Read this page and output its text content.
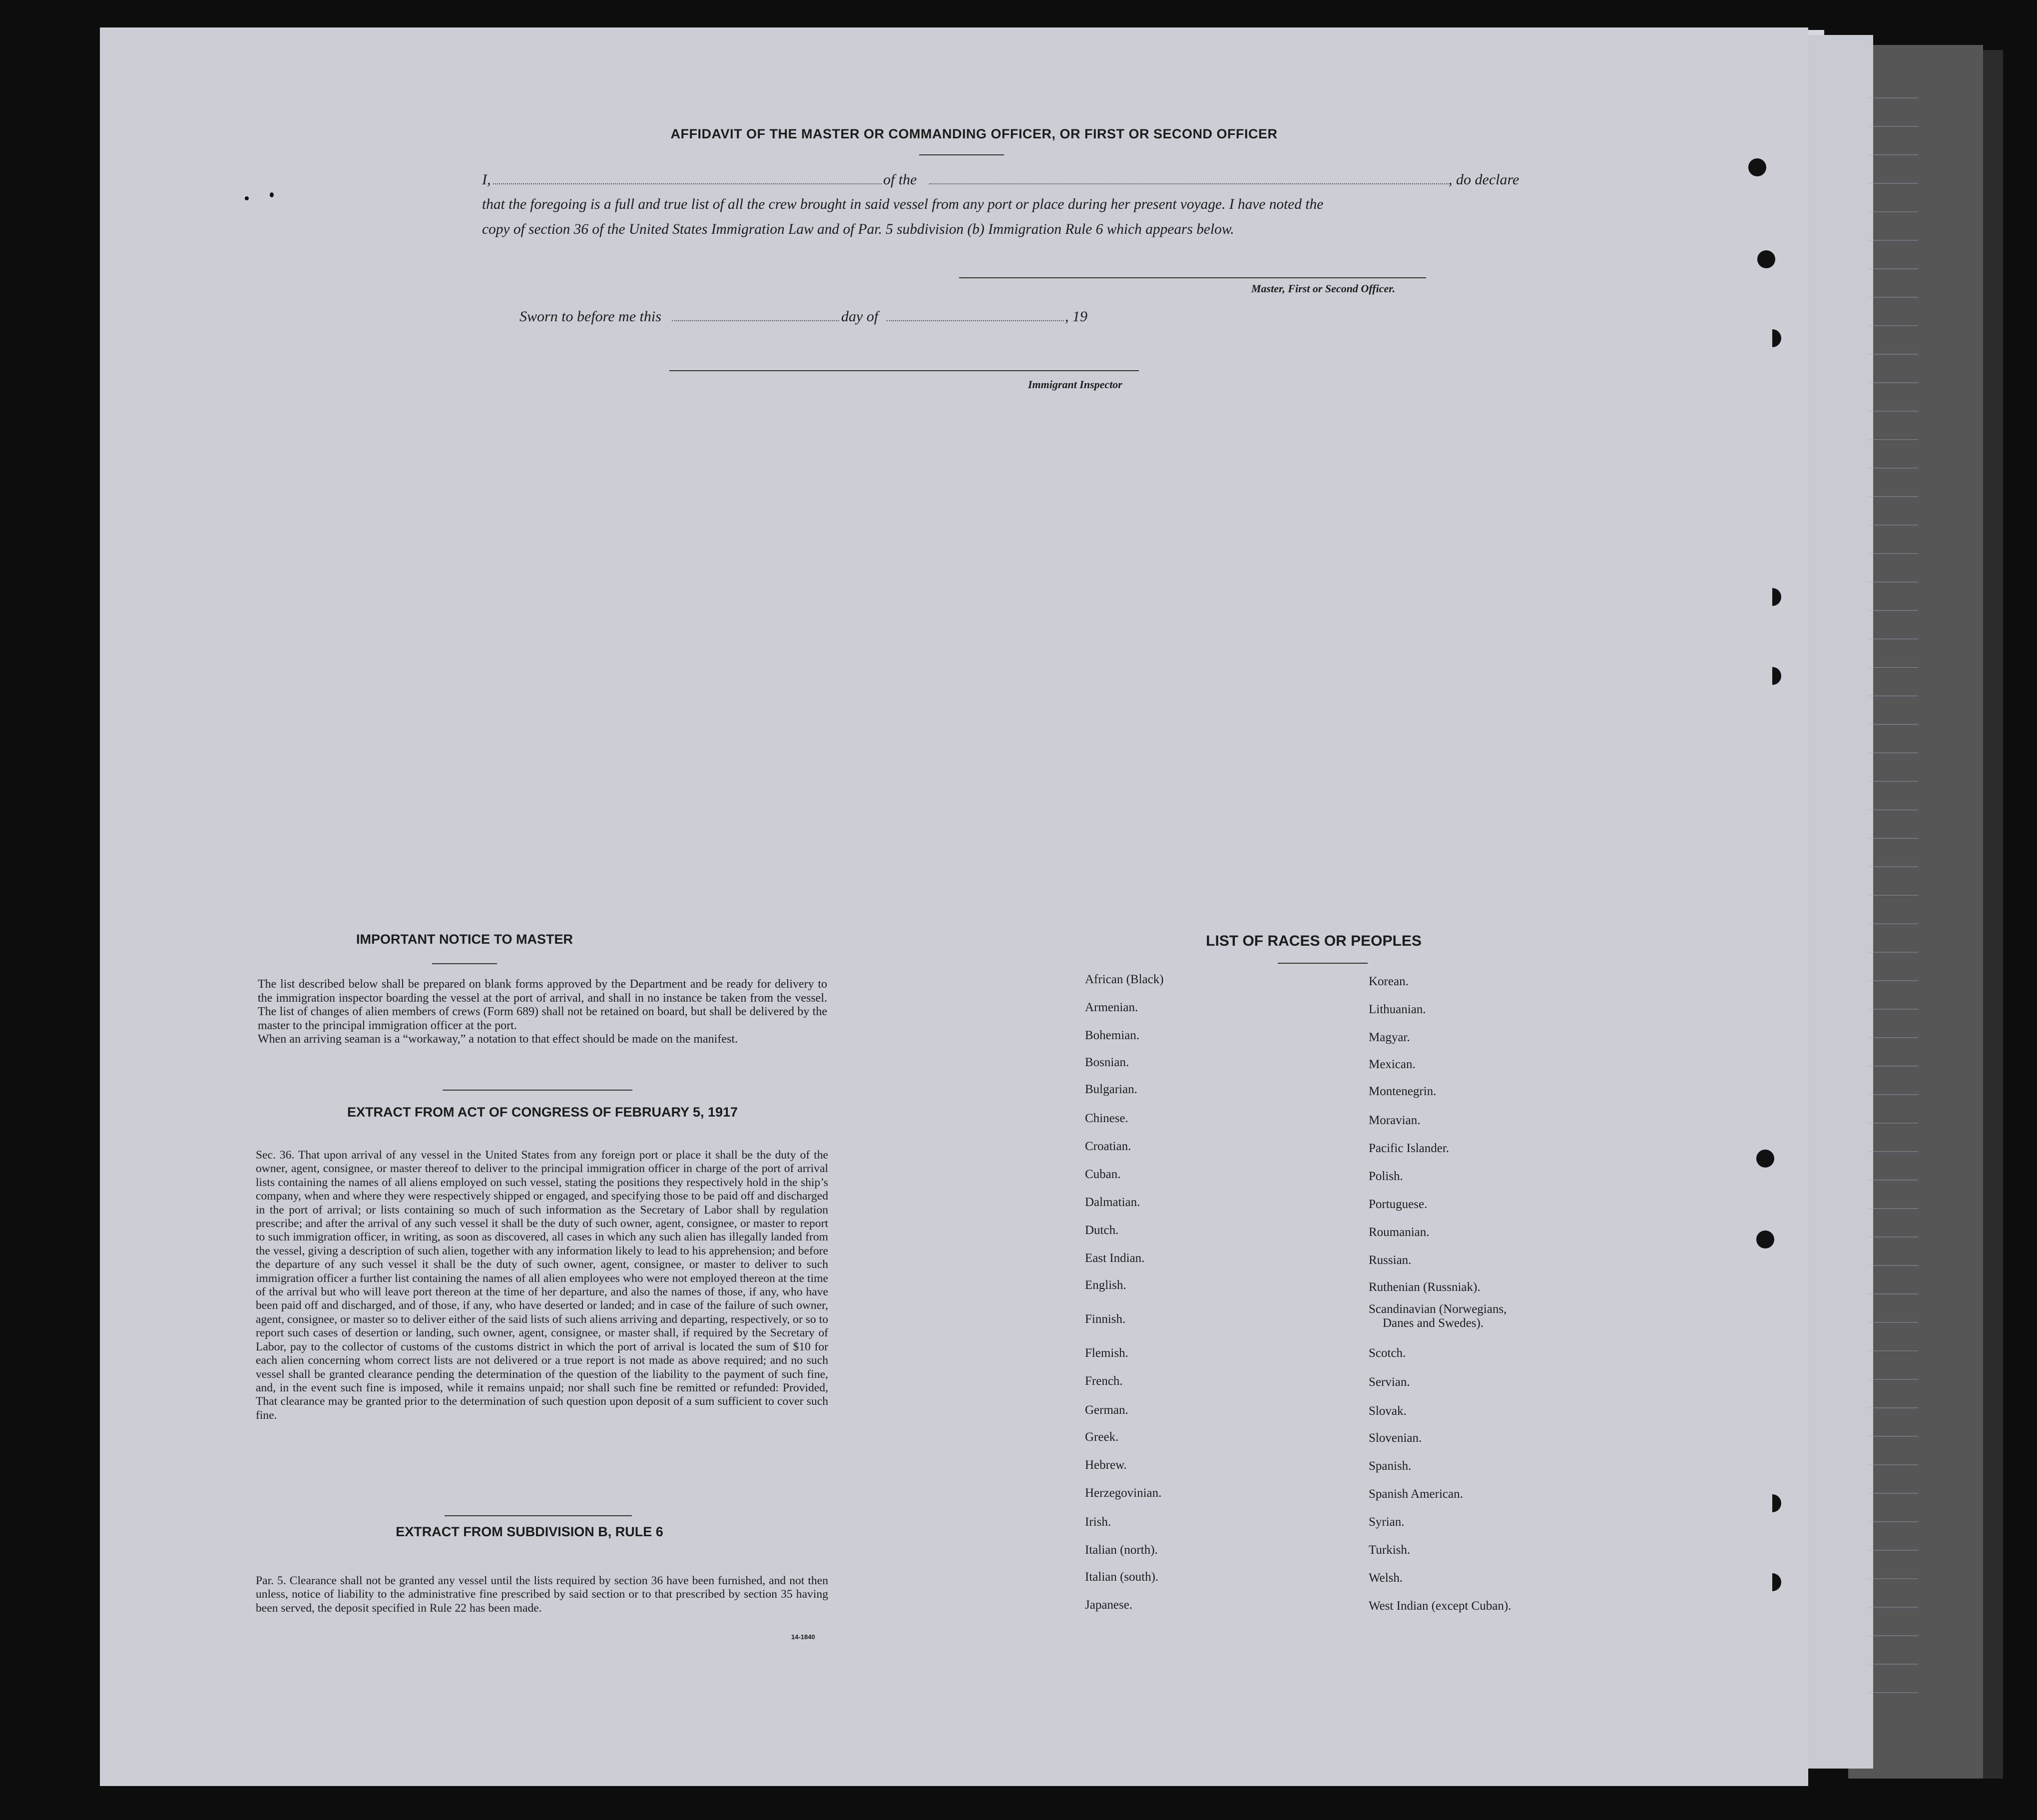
AFFIDAVIT OF THE MASTER OR COMMANDING OFFICER, OR FIRST OR SECOND OFFICER
I,	of the	, do declare
that the foregoing is a full and true list of all the crew brought in said vessel from any port or place during her present voyage. I have noted the
copy of section 36 of the United States Immigration Law and of Par. 5 subdivision (b) Immigration Rule 6 which appears below.
Master, First or Second Officer.
Sworn to before me this	day of	, 19
Immigrant Inspector
IMPORTANT NOTICE TO MASTER
The list described below shall be prepared on blank forms approved by the Department and be ready for delivery to the immigration inspector boarding the vessel at the port of arrival, and shall in no instance be taken from the vessel. The list of changes of alien members of crews (Form 689) shall not be retained on board, but shall be delivered by the master to the principal immigration officer at the port.
When an arriving seaman is a “workaway,” a notation to that effect should be made on the manifest.
EXTRACT FROM ACT OF CONGRESS OF FEBRUARY 5, 1917
Sec. 36. That upon arrival of any vessel in the United States from any foreign port or place it shall be the duty of the owner, agent, consignee, or master thereof to deliver to the principal immigration officer in charge of the port of arrival lists containing the names of all aliens employed on such vessel, stating the positions they respectively hold in the ship’s company, when and where they were respectively shipped or engaged, and specifying those to be paid off and discharged in the port of arrival; or lists containing so much of such information as the Secretary of Labor shall by regulation prescribe; and after the arrival of any such vessel it shall be the duty of such owner, agent, consignee, or master to report to such immigration officer, in writing, as soon as discovered, all cases in which any such alien has illegally landed from the vessel, giving a description of such alien, together with any information likely to lead to his apprehension; and before the departure of any such vessel it shall be the duty of such owner, agent, consignee, or master to deliver to such immigration officer a further list containing the names of all alien employees who were not employed thereon at the time of the arrival but who will leave port thereon at the time of her departure, and also the names of those, if any, who have been paid off and discharged, and of those, if any, who have deserted or landed; and in case of the failure of such owner, agent, consignee, or master so to deliver either of the said lists of such aliens arriving and departing, respectively, or so to report such cases of desertion or landing, such owner, agent, consignee, or master shall, if required by the Secretary of Labor, pay to the collector of customs of the customs district in which the port of arrival is located the sum of $10 for each alien concerning whom correct lists are not delivered or a true report is not made as above required; and no such vessel shall be granted clearance pending the determination of the question of the liability to the payment of such fine, and, in the event such fine is imposed, while it remains unpaid; nor shall such fine be remitted or refunded: Provided, That clearance may be granted prior to the determination of such question upon deposit of a sum sufficient to cover such fine.
EXTRACT FROM SUBDIVISION B, RULE 6
Par. 5. Clearance shall not be granted any vessel until the lists required by section 36 have been furnished, and not then unless, notice of liability to the administrative fine prescribed by said section or to that prescribed by section 35 having been served, the deposit specified in Rule 22 has been made.
14-1840
LIST OF RACES OR PEOPLES
African (Black)
Armenian.
Bohemian.
Bosnian.
Bulgarian.
Chinese.
Croatian.
Cuban.
Dalmatian.
Dutch.
East Indian.
English.
Finnish.
Flemish.
French.
German.
Greek.
Hebrew.
Herzegovinian.
Irish.
Italian (north).
Italian (south).
Japanese.
Korean.
Lithuanian.
Magyar.
Mexican.
Montenegrin.
Moravian.
Pacific Islander.
Polish.
Portuguese.
Roumanian.
Russian.
Ruthenian (Russniak).
Scandinavian (Norwegians,
Danes and Swedes).
Scotch.
Servian.
Slovak.
Slovenian.
Spanish.
Spanish American.
Syrian.
Turkish.
Welsh.
West Indian (except Cuban).
